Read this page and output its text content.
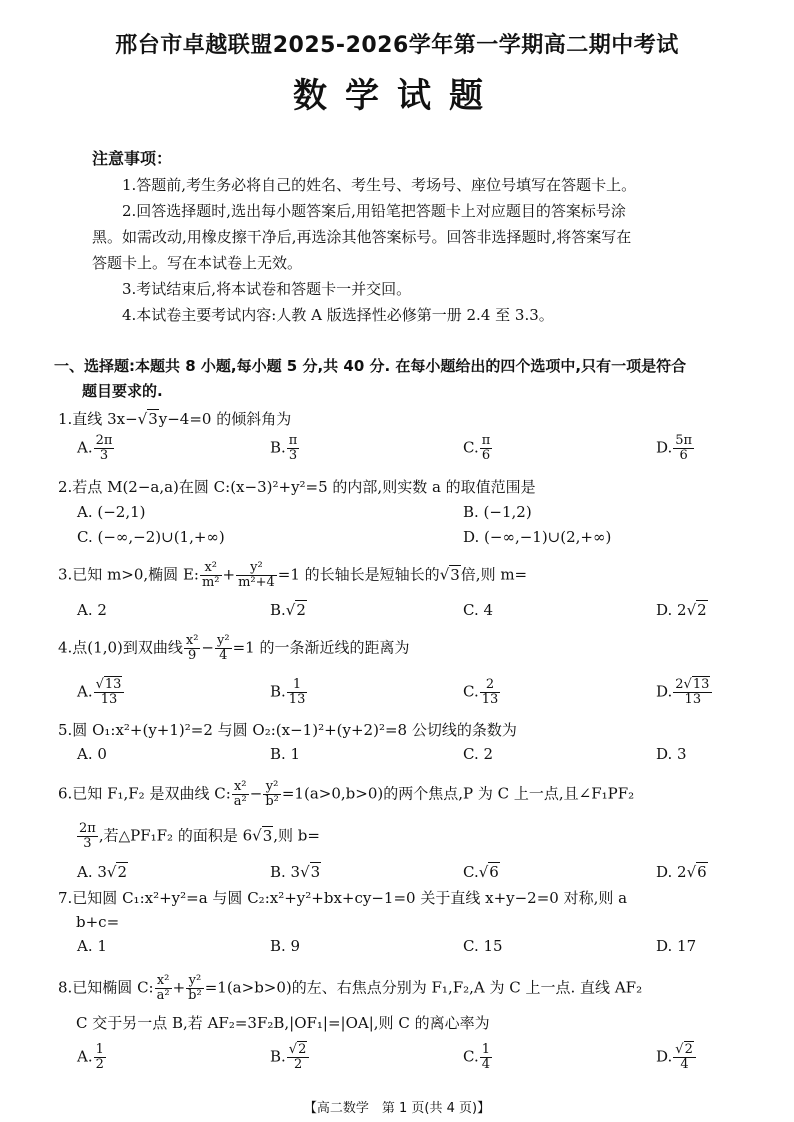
邢台市卓越联盟2025-2026学年第一学期高二期中考试
数学试题
注意事项：
1.答题前,考生务必将自己的姓名、考生号、考场号、座位号填写在答题卡上。
2.回答选择题时,选出每小题答案后,用铅笔把答题卡上对应题目的答案标号涂
黑。如需改动,用橡皮擦干净后,再选涂其他答案标号。回答非选择题时,将答案写在
答题卡上。写在本试卷上无效。
3.考试结束后,将本试卷和答题卡一并交回。
4.本试卷主要考试内容:人教 A 版选择性必修第一册 2.4 至 3.3。
一、选择题:本题共 8 小题,每小题 5 分,共 40 分. 在每小题给出的四个选项中,只有一项是符合
题目要求的.
1.直线 3x−√3y−4=0 的倾斜角为
A. $\frac{2\pi}{3}$	B. $\frac{\pi}{3}$	C. $\frac{\pi}{6}$	D. $\frac{5\pi}{6}$
2.若点 M(2−a,a)在圆 C:(x−3)²+y²=5 的内部,则实数 a 的取值范围是
A. (−2,1)	B. (−1,2)
C. (−∞,−2)∪(1,+∞)	D. (−∞,−1)∪(2,+∞)
3.已知 m>0,椭圆 E: $\frac{\text{x²}}{\text{m²}} + \frac{\text{y²}}{\text{m²+4}} =1$ 的长轴长是短轴长的√3倍,则 m=
A. 2	B.√2	C. 4	D. 2√2
4.点(1,0)到双曲线 $\frac{\text{x²}}{9} - \frac{\text{y²}}{4} =1$ 的一条渐近线的距离为
A. $\frac{√13}{13}$	B. $\frac{1}{13}$	C. $\frac{2}{13}$	D. $\frac{2√13}{13}$
5.圆 O₁:x²+(y+1)²=2 与圆 O₂:(x−1)²+(y+2)²=8 公切线的条数为
A. 0	B. 1	C. 2	D. 3
6.已知 F₁,F₂ 是双曲线 C: $\frac{\text{x²}}{\text{a²}} - \frac{\text{y²}}{\text{b²}} =1(a>0,b>0)$的两个焦点,P 为 C 上一点,且∠F₁PF₂
$\frac{2\pi}{3}$ ,若△PF₁F₂ 的面积是 6√3,则 b=
A. 3√2	B. 3√3	C.√6	D. 2√6
7.已知圆 C₁:x²+y²=a 与圆 C₂:x²+y²+bx+cy−1=0 关于直线 x+y−2=0 对称,则 a
b+c=
A. 1	B. 9	C. 15	D. 17
8.已知椭圆 C: $\frac{\text{x²}}{\text{a²}} + \frac{\text{y²}}{\text{b²}} =1(a>b>0)$的左、右焦点分别为 F₁,F₂,A 为 C 上一点. 直线 AF₂
C 交于另一点 B,若 AF₂=3F₂B,|OF₁|=|OA|,则 C 的离心率为
A. $\frac{1}{2}$	B. $\frac{√2}{2}$	C. $\frac{1}{4}$	D. $\frac{√2}{4}$
【高二数学　第 1 页(共 4 页)】
